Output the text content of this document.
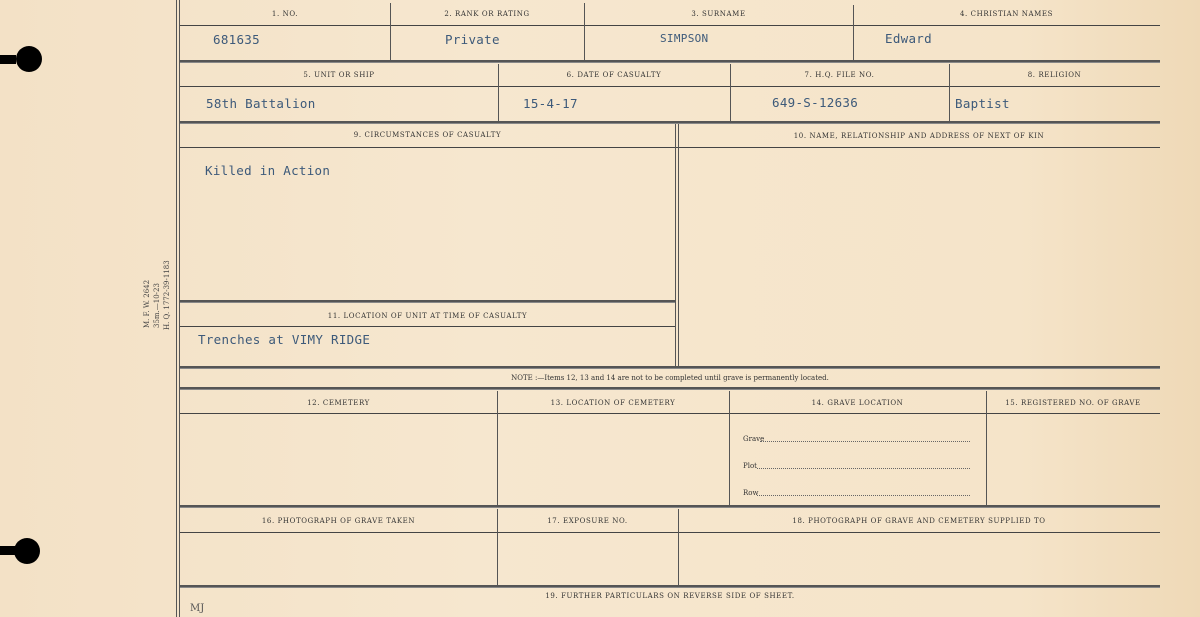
M. F. W. 2642 35m.—10-23 H. Q. 1772-39-1183
1. NO.
681635
2. RANK OR RATING
Private
3. SURNAME
SIMPSON
4. CHRISTIAN NAMES
Edward
5. UNIT OR SHIP
58th Battalion
6. DATE OF CASUALTY
15-4-17
7. H.Q. FILE NO.
649-S-12636
8. RELIGION
Baptist
9. CIRCUMSTANCES OF CASUALTY
Killed in Action
10. NAME, RELATIONSHIP AND ADDRESS OF NEXT OF KIN
11. LOCATION OF UNIT AT TIME OF CASUALTY
Trenches at VIMY RIDGE
NOTE :—Items 12, 13 and 14 are not to be completed until grave is permanently located.
12. CEMETERY	13. LOCATION OF CEMETERY	14. GRAVE LOCATION	15. REGISTERED NO. OF GRAVE
Grave
Plot
Row
16. PHOTOGRAPH OF GRAVE TAKEN	17. EXPOSURE NO.	18. PHOTOGRAPH OF GRAVE AND CEMETERY SUPPLIED TO
19. FURTHER PARTICULARS ON REVERSE SIDE OF SHEET.
MJ
